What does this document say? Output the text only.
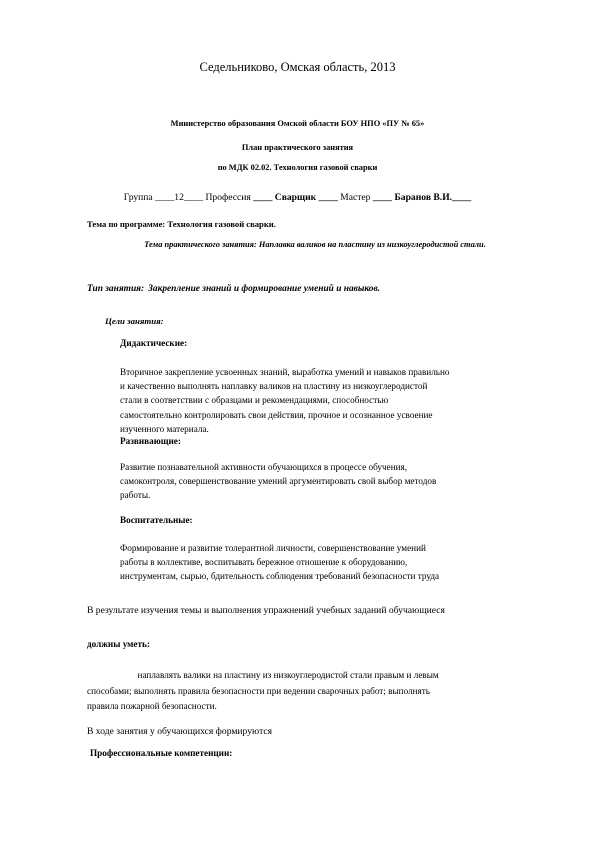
Седельниково, Омская область, 2013
Министерство образования Омской области БОУ НПО «ПУ № 65»
План практического занятия
по МДК 02.02. Технология газовой сварки
Группа ____12____ Профессия ____ Сварщик ____ Мастер ____ Баранов В.И.____
Тема по программе: Технология газовой сварки.
Тема практического занятия: Наплавка валиков на пластину из низкоуглеродистой стали.
Тип занятия: Закрепление знаний и формирование умений и навыков.
Цели занятия:
Дидактические:
Вторичное закрепление усвоенных знаний, выработка умений и навыков правильно
и качественно выполнять наплавку валиков на пластину из низкоуглеродистой
стали в соответствии с образцами и рекомендациями, способностью
самостоятельно контролировать свои действия, прочное и осознанное усвоение
изученного материала.
Развивающие:
Развитие познавательной активности обучающихся в процессе обучения,
самоконтроля, совершенствование умений аргументировать свой выбор методов
работы.
Воспитательные:
Формирование и развитие толерантной личности, совершенствование умений
работы в коллективе, воспитывать бережное отношение к оборудованию,
инструментам, сырью, бдительность соблюдения требований безопасности труда
В результате изучения темы и выполнения упражнений учебных заданий обучающиеся
должны уметь:
наплавлять валики на пластину из низкоуглеродистой стали правым и левым
способами; выполнять правила безопасности при ведении сварочных работ; выполнять
правила пожарной безопасности.
В ходе занятия у обучающихся формируются
Профессиональные компетенции:
